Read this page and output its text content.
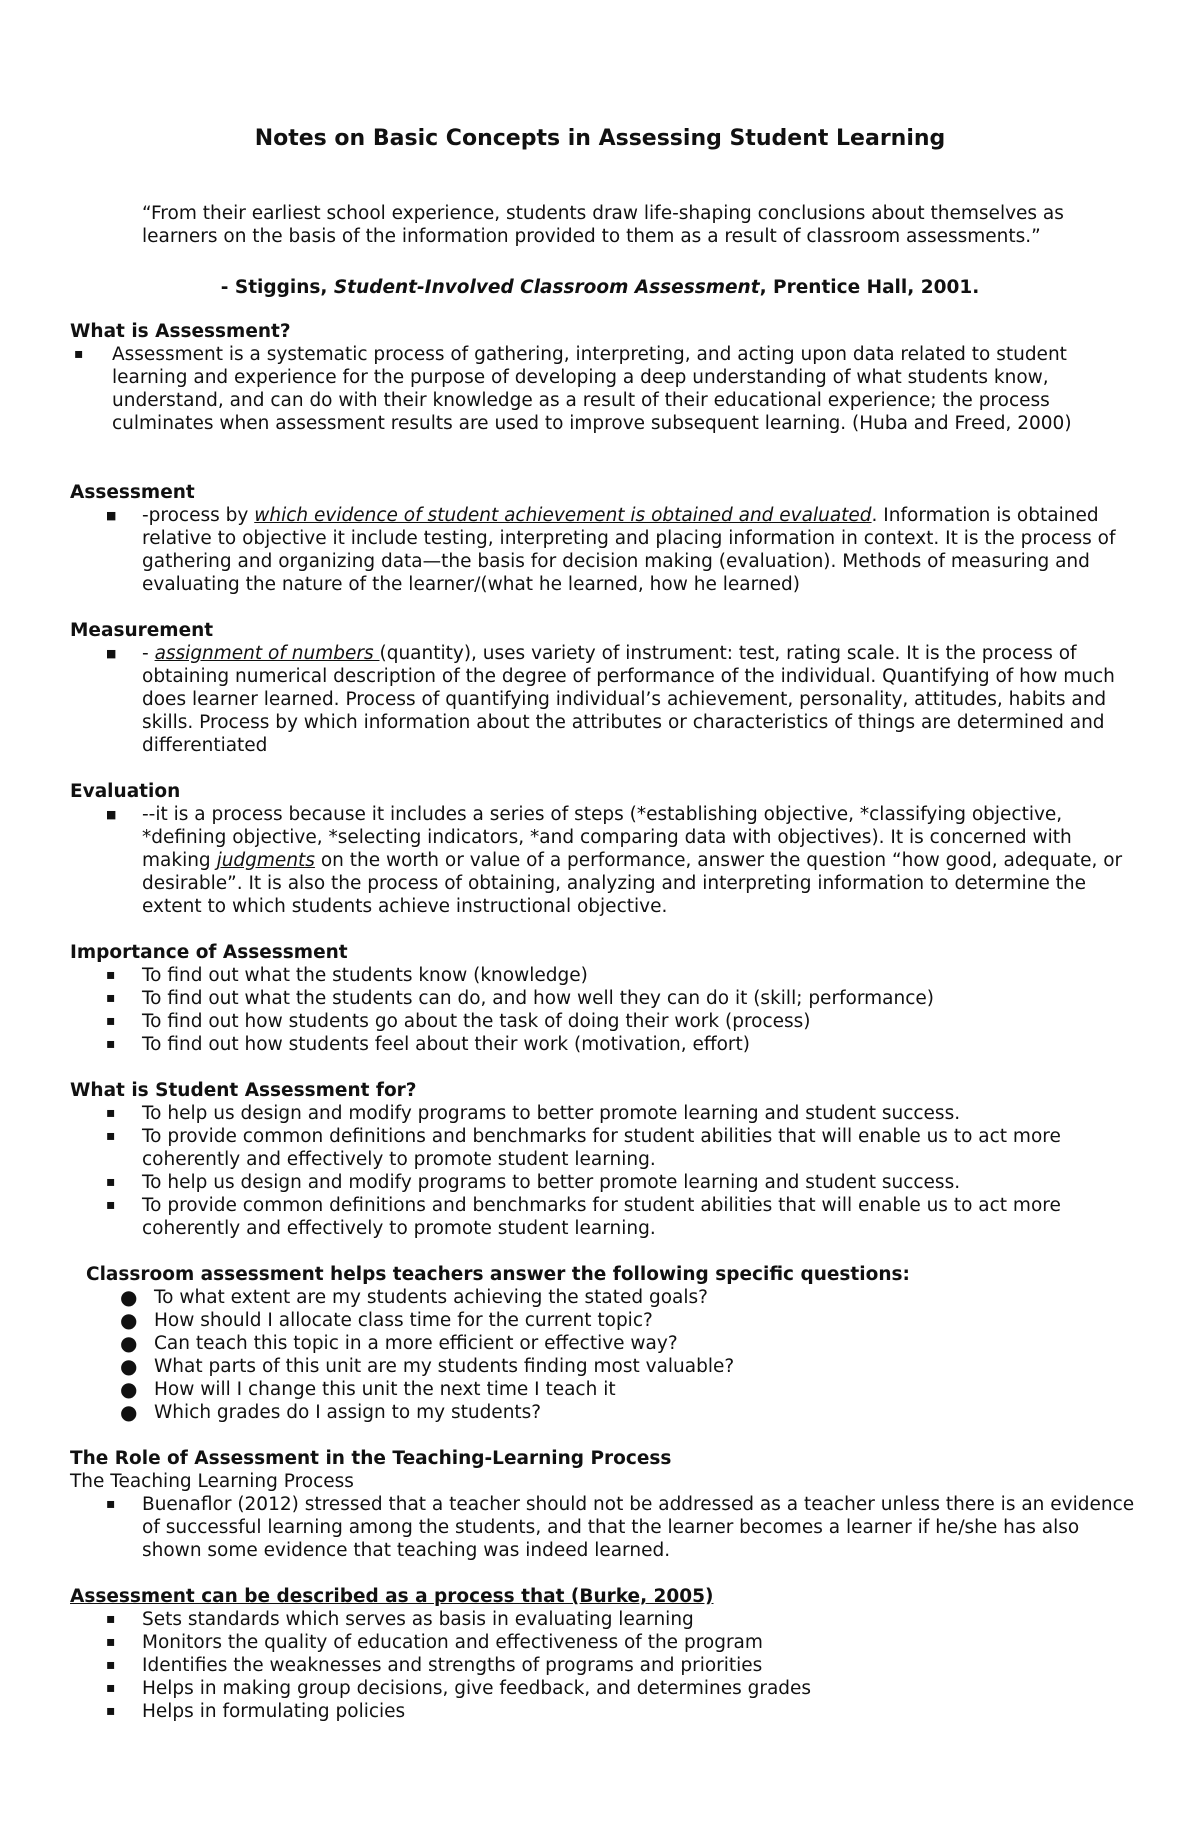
Notes on Basic Concepts in Assessing Student Learning
“From their earliest school experience, students draw life-shaping conclusions about themselves as learners on the basis of the information provided to them as a result of classroom assessments.”
- Stiggins, Student-Involved Classroom Assessment, Prentice Hall, 2001.

What is Assessment?

▪ Assessment is a systematic process of gathering, interpreting, and acting upon data related to student learning and experience for the purpose of developing a deep understanding of what students know, understand, and can do with their knowledge as a result of their educational experience; the process culminates when assessment results are used to improve subsequent learning. (Huba and Freed, 2000)

Assessment

■ -process by which evidence of student achievement is obtained and evaluated. Information is obtained relative to objective it include testing, interpreting and placing information in context. It is the process of gathering and organizing data—the basis for decision making (evaluation). Methods of measuring and evaluating the nature of the learner/(what he learned, how he learned)

Measurement

■ - assignment of numbers (quantity), uses variety of instrument: test, rating scale. It is the process of obtaining numerical description of the degree of performance of the individual. Quantifying of how much does learner learned. Process of quantifying individual’s achievement, personality, attitudes, habits and skills. Process by which information about the attributes or characteristics of things are determined and differentiated

Evaluation

■ --it is a process because it includes a series of steps (*establishing objective, *classifying objective, *defining objective, *selecting indicators, *and comparing data with objectives). It is concerned with making judgments on the worth or value of a performance, answer the question “how good, adequate, or desirable”. It is also the process of obtaining, analyzing and interpreting information to determine the extent to which students achieve instructional objective.

Importance of Assessment

▪ To find out what the students know (knowledge)
▪ To find out what the students can do, and how well they can do it (skill; performance)
▪ To find out how students go about the task of doing their work (process)
▪ To find out how students feel about their work (motivation, effort)

What is Student Assessment for?

▪ To help us design and modify programs to better promote learning and student success.
▪ To provide common definitions and benchmarks for student abilities that will enable us to act more coherently and effectively to promote student learning.
▪ To help us design and modify programs to better promote learning and student success.
▪ To provide common definitions and benchmarks for student abilities that will enable us to act more coherently and effectively to promote student learning.

Classroom assessment helps teachers answer the following specific questions:

● To what extent are my students achieving the stated goals?
● How should I allocate class time for the current topic?
● Can teach this topic in a more efficient or effective way?
● What parts of this unit are my students finding most valuable?
● How will I change this unit the next time I teach it
● Which grades do I assign to my students?

The Role of Assessment in the Teaching-Learning Process

The Teaching Learning Process

▪ Buenaflor (2012) stressed that a teacher should not be addressed as a teacher unless there is an evidence of successful learning among the students, and that the learner becomes a learner if he/she has also shown some evidence that teaching was indeed learned.

Assessment can be described as a process that (Burke, 2005)

▪ Sets standards which serves as basis in evaluating learning
▪ Monitors the quality of education and effectiveness of the program
▪ Identifies the weaknesses and strengths of programs and priorities
▪ Helps in making group decisions, give feedback, and determines grades
▪ Helps in formulating policies
